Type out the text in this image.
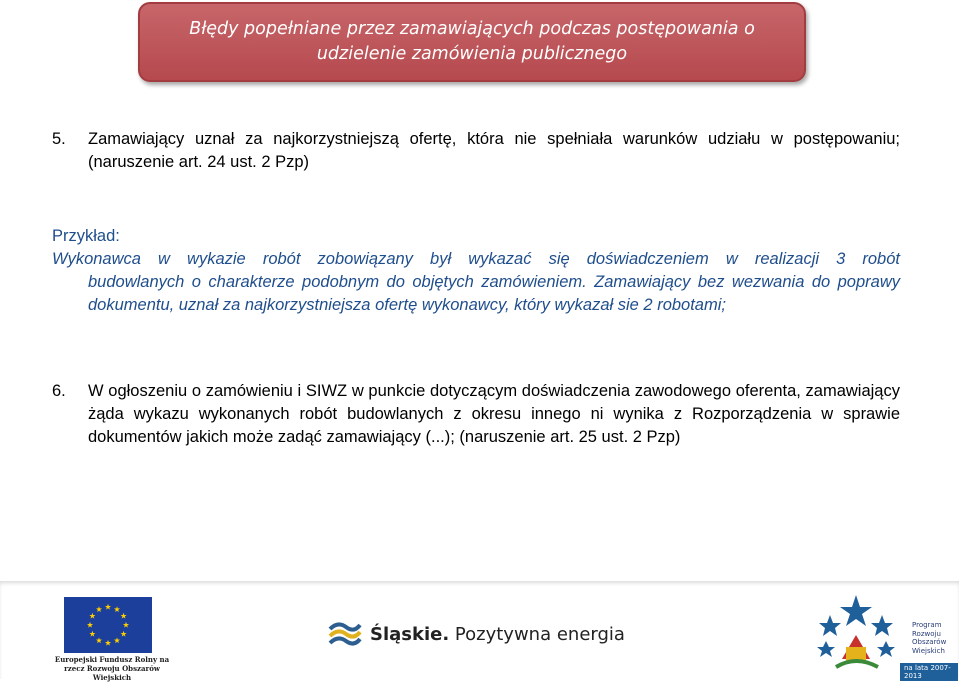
Błędy popełniane przez zamawiających podczas postępowania o udzielenie zamówienia publicznego
5. Zamawiający uznał za najkorzystniejszą ofertę, która nie spełniała warunków udziału w postępowaniu; (naruszenie art. 24 ust. 2 Pzp)
Przykład:
Wykonawca w wykazie robót zobowiązany był wykazać się doświadczeniem w realizacji 3 robót
budowlanych o charakterze podobnym do objętych zamówieniem. Zamawiający bez wezwania do poprawy dokumentu, uznał za najkorzystniejsza ofertę wykonawcy, który wykazał sie 2 robotami;
6. W ogłoszeniu o zamówieniu i SIWZ w punkcie dotyczącym doświadczenia zawodowego oferenta, zamawiający żąda wykazu wykonanych robót budowlanych z okresu innego ni wynika z Rozporządzenia w sprawie dokumentów jakich może zadąć zamawiający (...); (naruszenie art. 25 ust. 2 Pzp)
Europejski Fundusz Rolny na rzecz Rozwoju Obszarów Wiejskich
Śląskie. Pozytywna energia	Program
Rozwoju
Obszarów
Wiejskich
na lata 2007-2013
